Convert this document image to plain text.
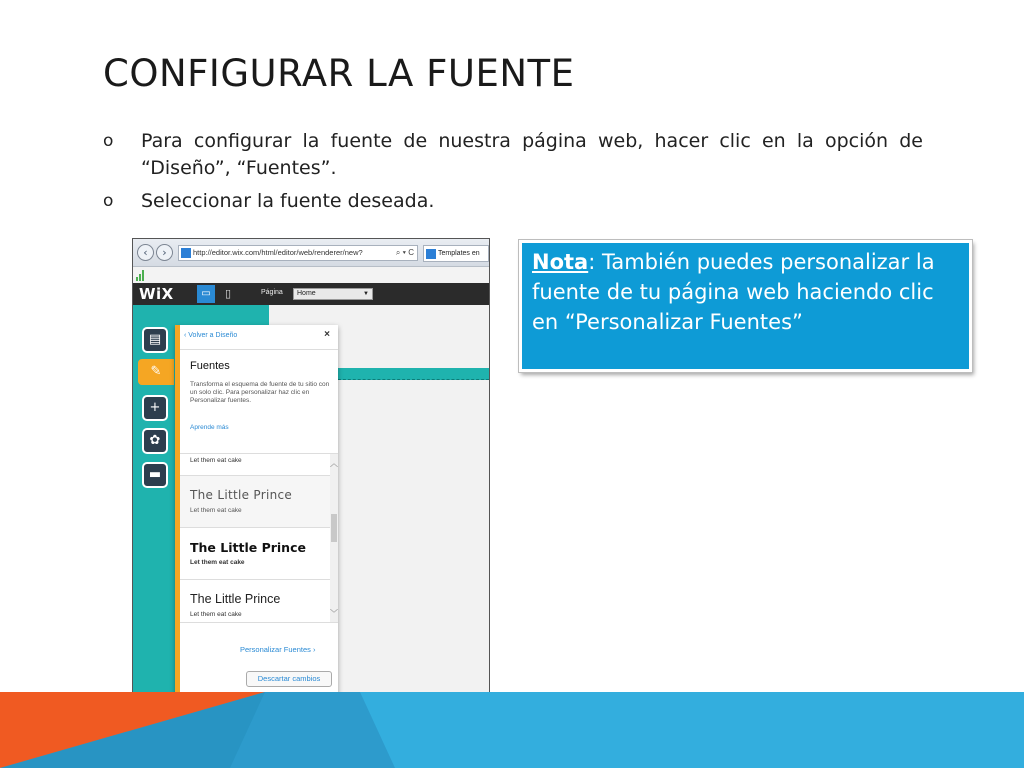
CONFIGURAR LA FUENTE
o Para configurar la fuente de nuestra página web, hacer clic en la opción de “Diseño”, “Fuentes”.
o Seleccionar la fuente deseada.
‹	›	http://editor.wix.com/html/editor/web/renderer/new?	⌕ ▾ C	Templates en
WiX	▭	▯	Página	Home	▼
▤
✎
+
✿
▬
‹ Volver a Diseño	×
Fuentes
Transforma el esquema de fuente de tu sitio con un solo clic. Para personalizar haz clic en Personalizar fuentes.
Aprende más
Let them eat cake
The Little Prince
Let them eat cake
The Little Prince
Let them eat cake
The Little Prince
Let them eat cake
︿
﹀
Personalizar Fuentes ›
Descartar cambios
Nota: También puedes personalizar la fuente de tu página web haciendo clic en “Personalizar Fuentes”
